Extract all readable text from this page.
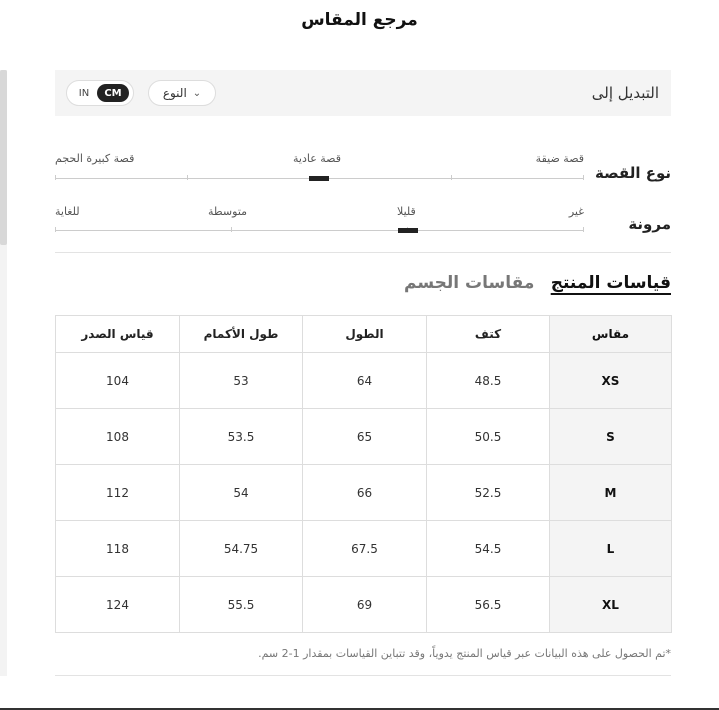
مرجع المقاس
التبديل إلى
النوع ⌄
IN	CM
نوع القصة
قصة ضيقة
قصة عادية
قصة كبيرة الحجم
مرونة
غير
قليلا
متوسطة
للغاية
قياسات المنتج
مقاسات الجسم
مقاس	كتف	الطول	طول الأكمام	قياس الصدر
XS	48.5	64	53	104
S	50.5	65	53.5	108
M	52.5	66	54	112
L	54.5	67.5	54.75	118
XL	56.5	69	55.5	124
*تم الحصول على هذه البيانات عبر قياس المنتج يدوياً، وقد تتباين القياسات بمقدار 1-2 سم.
